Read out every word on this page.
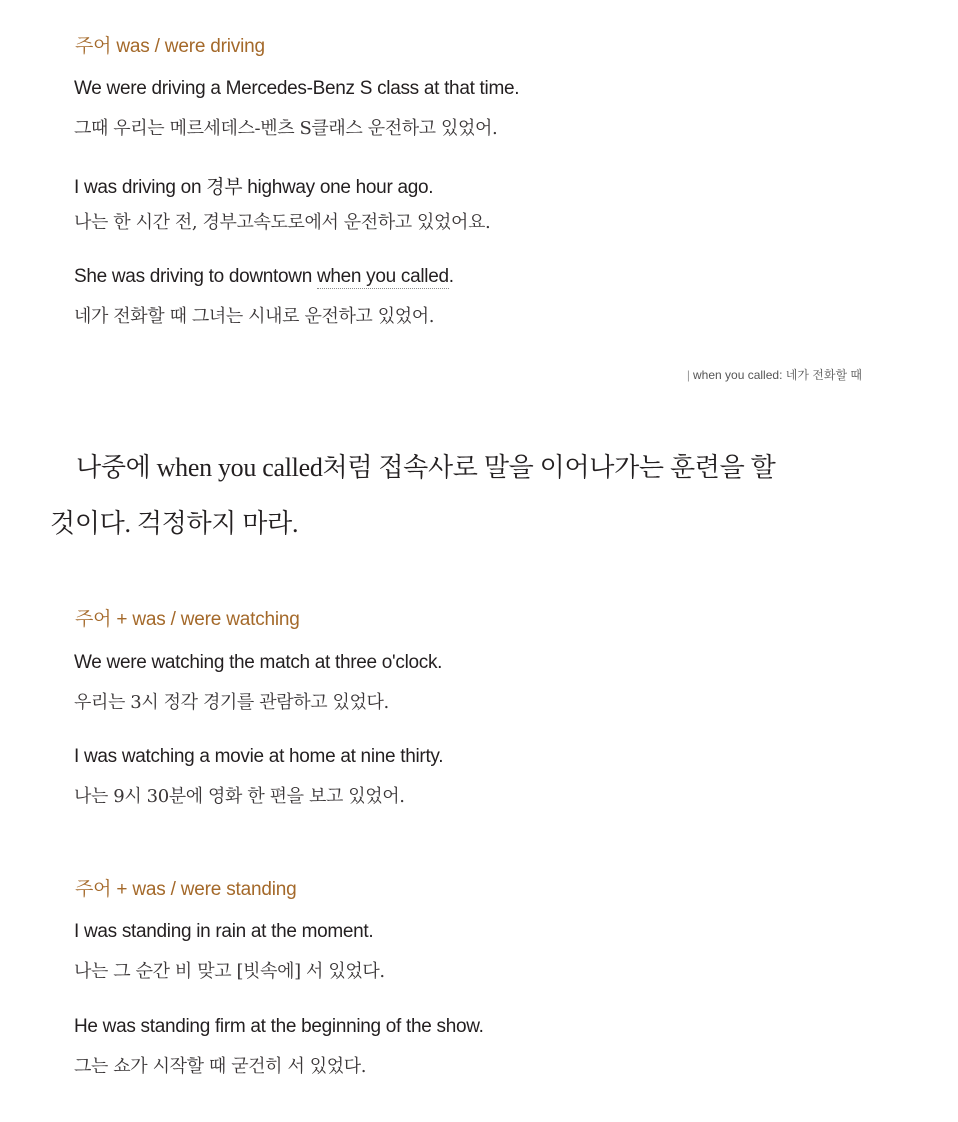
주어 was / were driving
We were driving a Mercedes-Benz S class at that time.
그때 우리는 메르세데스-벤츠 S클래스 운전하고 있었어.
I was driving on 경부 highway one hour ago.
나는 한 시간 전, 경부고속도로에서 운전하고 있었어요.
She was driving to downtown when you called.
네가 전화할 때 그녀는 시내로 운전하고 있었어.
| when you called: 네가 전화할 때
나중에 when you called처럼 접속사로 말을 이어나가는 훈련을 할
것이다. 걱정하지 마라.
주어 + was / were watching
We were watching the match at three o'clock.
우리는 3시 정각 경기를 관람하고 있었다.
I was watching a movie at home at nine thirty.
나는 9시 30분에 영화 한 편을 보고 있었어.
주어 + was / were standing
I was standing in rain at the moment.
나는 그 순간 비 맞고 [빗속에] 서 있었다.
He was standing firm at the beginning of the show.
그는 쇼가 시작할 때 굳건히 서 있었다.
